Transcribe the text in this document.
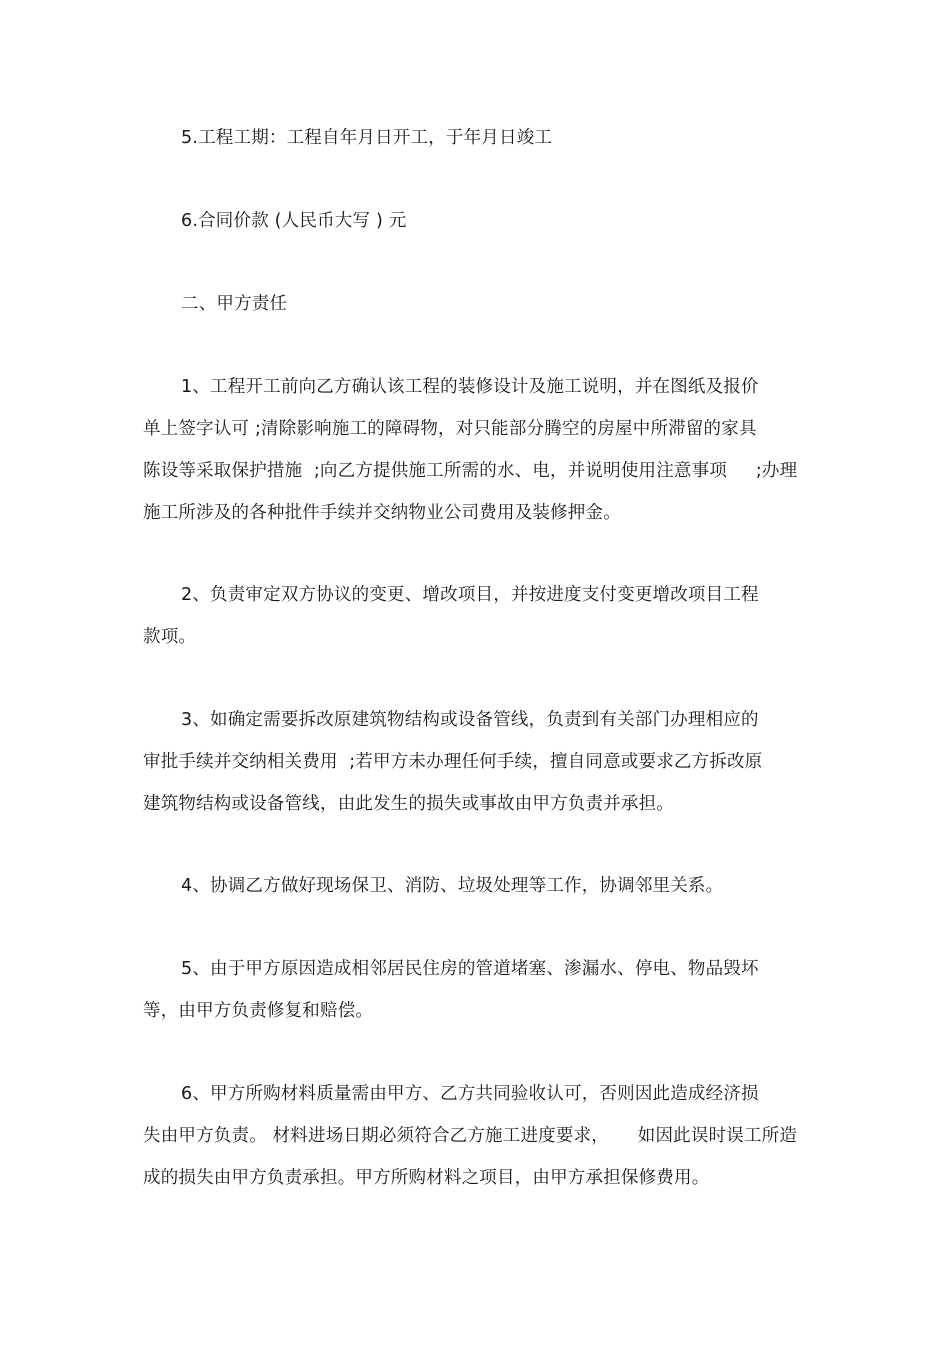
5.工程工期：工程自年月日开工，于年月日竣工
6.合同价款 (人民币大写 ) 元
二、甲方责任
1、工程开工前向乙方确认该工程的装修设计及施工说明，并在图纸及报价
单上签字认可 ;清除影响施工的障碍物，对只能部分腾空的房屋中所滞留的家具
陈设等采取保护措施  ;向乙方提供施工所需的水、电，并说明使用注意事项     ;办理
施工所涉及的各种批件手续并交纳物业公司费用及装修押金。
2、负责审定双方协议的变更、增改项目，并按进度支付变更增改项目工程
款项。
3、如确定需要拆改原建筑物结构或设备管线，负责到有关部门办理相应的
审批手续并交纳相关费用  ;若甲方未办理任何手续，擅自同意或要求乙方拆改原
建筑物结构或设备管线，由此发生的损失或事故由甲方负责并承担。
4、协调乙方做好现场保卫、消防、垃圾处理等工作，协调邻里关系。
5、由于甲方原因造成相邻居民住房的管道堵塞、渗漏水、停电、物品毁坏
等，由甲方负责修复和赔偿。
6、甲方所购材料质量需由甲方、乙方共同验收认可，否则因此造成经济损
失由甲方负责。 材料进场日期必须符合乙方施工进度要求，     如因此误时误工所造
成的损失由甲方负责承担。甲方所购材料之项目，由甲方承担保修费用。
